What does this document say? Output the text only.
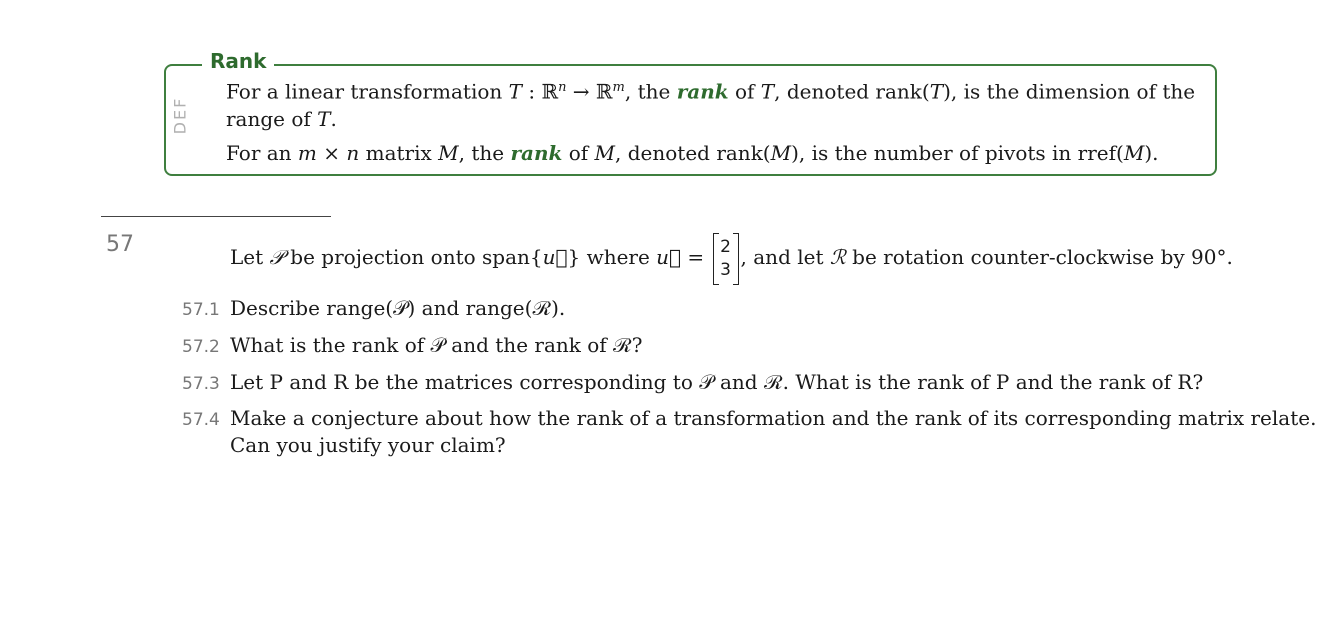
Rank
DEF
For a linear transformation T : ℝ$^n$ → ℝ$^m$, the rank of T, denoted rank(T), is the dimension of the
range of T.
For an m × n matrix M, the rank of M, denoted rank(M), is the number of pivots in rref(M).
57	Let 𝒫 be projection onto span{u⃗} where u⃗ = 2
3
, and let ℛ be rotation counter-clockwise by 90°.
57.1 Describe range(𝒫) and range(ℛ).
57.2 What is the rank of 𝒫 and the rank of ℛ?
57.3 Let P and R be the matrices corresponding to 𝒫 and ℛ. What is the rank of P and the rank of R?
57.4 Make a conjecture about how the rank of a transformation and the rank of its corresponding matrix relate.
Can you justify your claim?
